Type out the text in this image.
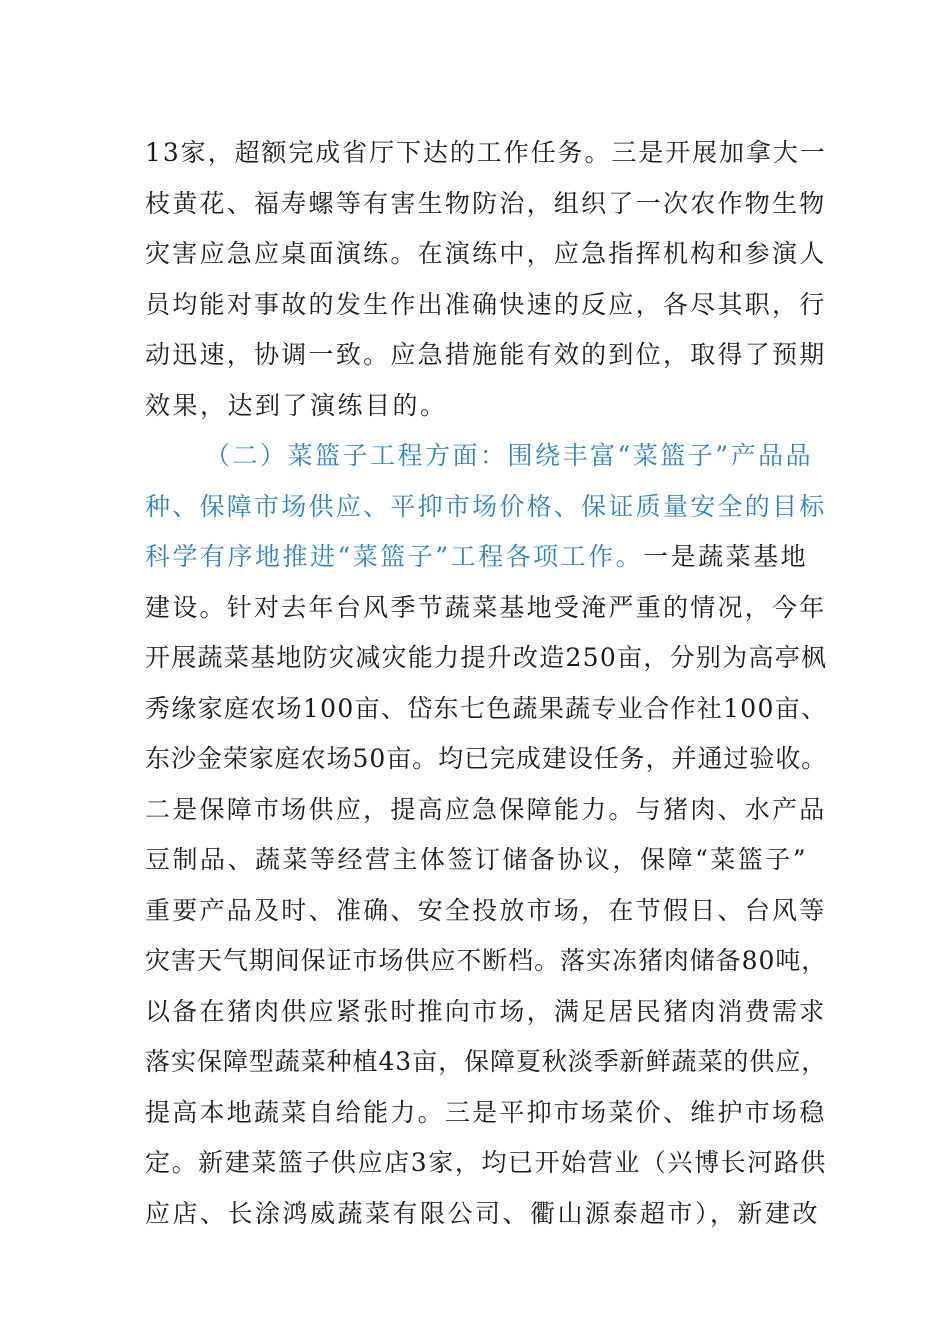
13家，超额完成省厅下达的工作任务。三是开展加拿大一
枝黄花、福寿螺等有害生物防治，组织了一次农作物生物
灾害应急应桌面演练。在演练中，应急指挥机构和参演人
员均能对事故的发生作出准确快速的反应，各尽其职，行
动迅速，协调一致。应急措施能有效的到位，取得了预期
效果，达到了演练目的。
（二）菜篮子工程方面：围绕丰富“菜篮子”产品品
种、保障市场供应、平抑市场价格、保证质量安全的目标
科学有序地推进“菜篮子”工程各项工作。一是蔬菜基地
建设。针对去年台风季节蔬菜基地受淹严重的情况，今年
开展蔬菜基地防灾减灾能力提升改造250亩，分别为高亭枫
秀缘家庭农场100亩、岱东七色蔬果蔬专业合作社100亩、
东沙金荣家庭农场50亩。均已完成建设任务，并通过验收。
二是保障市场供应，提高应急保障能力。与猪肉、水产品
豆制品、蔬菜等经营主体签订储备协议，保障“菜篮子”
重要产品及时、准确、安全投放市场，在节假日、台风等
灾害天气期间保证市场供应不断档。落实冻猪肉储备80吨，
以备在猪肉供应紧张时推向市场，满足居民猪肉消费需求
落实保障型蔬菜种植43亩，保障夏秋淡季新鲜蔬菜的供应，
提高本地蔬菜自给能力。三是平抑市场菜价、维护市场稳
定。新建菜篮子供应店3家，均已开始营业（兴博长河路供
应店、长涂鸿威蔬菜有限公司、衢山源泰超市），新建改
